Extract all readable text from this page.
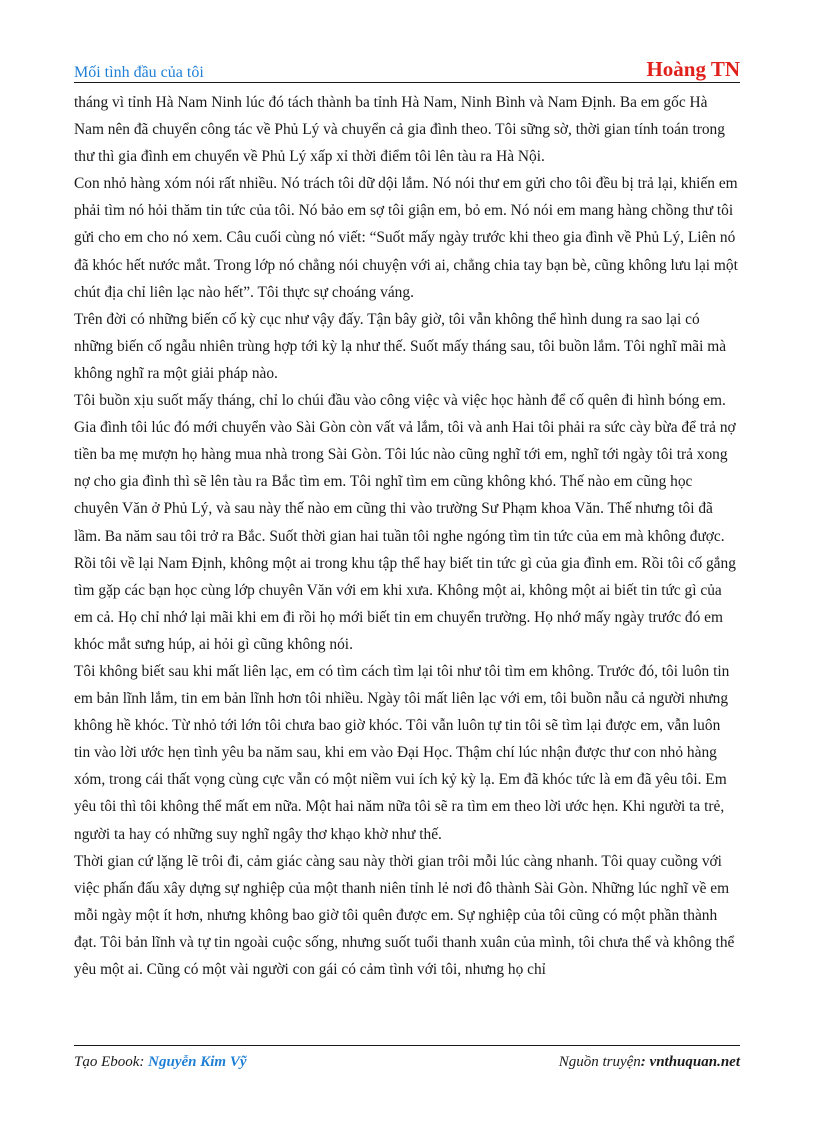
Mối tình đầu của tôi	Hoàng TN

tháng vì tỉnh Hà Nam Ninh lúc đó tách thành ba tỉnh Hà Nam, Ninh Bình và Nam Định. Ba em gốc Hà Nam nên đã chuyển công tác về Phủ Lý và chuyển cả gia đình theo. Tôi sững sờ, thời gian tính toán trong thư thì gia đình em chuyển về Phủ Lý xấp xỉ thời điểm tôi lên tàu ra Hà Nội.

Con nhỏ hàng xóm nói rất nhiều. Nó trách tôi dữ dội lắm. Nó nói thư em gửi cho tôi đều bị trả lại, khiến em phải tìm nó hỏi thăm tin tức của tôi. Nó bảo em sợ tôi giận em, bỏ em. Nó nói em mang hàng chồng thư tôi gửi cho em cho nó xem. Câu cuối cùng nó viết: “Suốt mấy ngày trước khi theo gia đình về Phủ Lý, Liên nó đã khóc hết nước mắt. Trong lớp nó chẳng nói chuyện với ai, chẳng chia tay bạn bè, cũng không lưu lại một chút địa chỉ liên lạc nào hết”. Tôi thực sự choáng váng.

Trên đời có những biến cố kỳ cục như vậy đấy. Tận bây giờ, tôi vẫn không thể hình dung ra sao lại có những biến cố ngẫu nhiên trùng hợp tới kỳ lạ như thế. Suốt mấy tháng sau, tôi buồn lắm. Tôi nghĩ mãi mà không nghĩ ra một giải pháp nào.

Tôi buồn xịu suốt mấy tháng, chỉ lo chúi đầu vào công việc và việc học hành để cố quên đi hình bóng em. Gia đình tôi lúc đó mới chuyển vào Sài Gòn còn vất vả lắm, tôi và anh Hai tôi phải ra sức cày bừa để trả nợ tiền ba mẹ mượn họ hàng mua nhà trong Sài Gòn. Tôi lúc nào cũng nghĩ tới em, nghĩ tới ngày tôi trả xong nợ cho gia đình thì sẽ lên tàu ra Bắc tìm em. Tôi nghĩ tìm em cũng không khó. Thế nào em cũng học chuyên Văn ở Phủ Lý, và sau này thế nào em cũng thi vào trường Sư Phạm khoa Văn. Thế nhưng tôi đã lầm. Ba năm sau tôi trở ra Bắc. Suốt thời gian hai tuần tôi nghe ngóng tìm tin tức của em mà không được. Rồi tôi về lại Nam Định, không một ai trong khu tập thể hay biết tin tức gì của gia đình em. Rồi tôi cố gắng tìm gặp các bạn học cùng lớp chuyên Văn với em khi xưa. Không một ai, không một ai biết tin tức gì của em cả. Họ chỉ nhớ lại mãi khi em đi rồi họ mới biết tin em chuyển trường. Họ nhớ mấy ngày trước đó em khóc mắt sưng húp, ai hỏi gì cũng không nói.

Tôi không biết sau khi mất liên lạc, em có tìm cách tìm lại tôi như tôi tìm em không. Trước đó, tôi luôn tin em bản lĩnh lắm, tin em bản lĩnh hơn tôi nhiều. Ngày tôi mất liên lạc với em, tôi buồn nẫu cả người nhưng không hề khóc. Từ nhỏ tới lớn tôi chưa bao giờ khóc. Tôi vẫn luôn tự tin tôi sẽ tìm lại được em, vẫn luôn tin vào lời ước hẹn tình yêu ba năm sau, khi em vào Đại Học. Thậm chí lúc nhận được thư con nhỏ hàng xóm, trong cái thất vọng cùng cực vẫn có một niềm vui ích kỷ kỳ lạ. Em đã khóc tức là em đã yêu tôi. Em yêu tôi thì tôi không thể mất em nữa. Một hai năm nữa tôi sẽ ra tìm em theo lời ước hẹn. Khi người ta trẻ, người ta hay có những suy nghĩ ngây thơ khạo khờ như thế.

Thời gian cứ lặng lẽ trôi đi, cảm giác càng sau này thời gian trôi mỗi lúc càng nhanh. Tôi quay cuồng với việc phấn đấu xây dựng sự nghiệp của một thanh niên tỉnh lẻ nơi đô thành Sài Gòn. Những lúc nghĩ về em mỗi ngày một ít hơn, nhưng không bao giờ tôi quên được em. Sự nghiệp của tôi cũng có một phần thành đạt. Tôi bản lĩnh và tự tin ngoài cuộc sống, nhưng suốt tuổi thanh xuân của mình, tôi chưa thể và không thể yêu một ai. Cũng có một vài người con gái có cảm tình với tôi, nhưng họ chỉ

Tạo Ebook: Nguyễn Kim Vỹ	Nguồn truyện: vnthuquan.net
